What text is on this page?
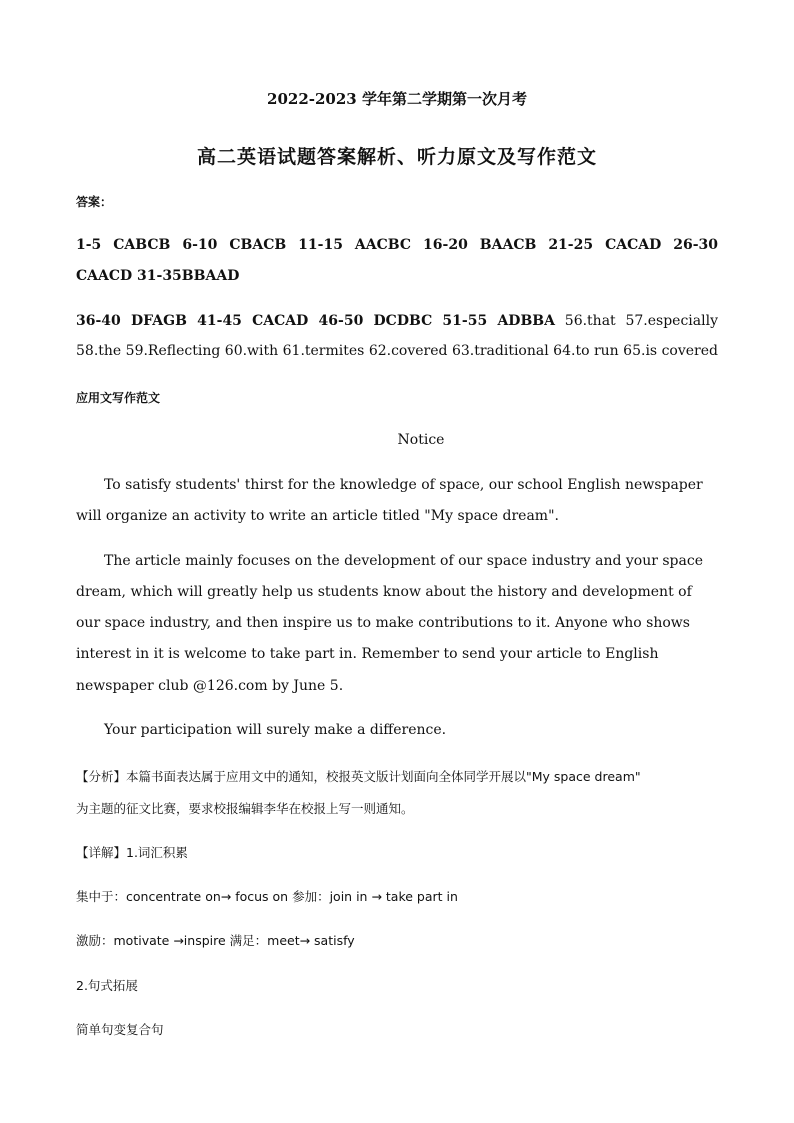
2022-2023 学年第二学期第一次月考
高二英语试题答案解析、听力原文及写作范文
答案：
1-5 CABCB 6-10 CBACB 11-15 AACBC 16-20 BAACB 21-25 CACAD 26-30
CAACD 31-35BBAAD
36-40 DFAGB 41-45 CACAD 46-50 DCDBC 51-55 ADBBA 56.that 57.especially
58.the 59.Reflecting 60.with 61.termites 62.covered 63.traditional 64.to run 65.is covered
应用文写作范文
Notice
To satisfy students' thirst for the knowledge of space, our school English newspaper
will organize an activity to write an article titled "My space dream".
The article mainly focuses on the development of our space industry and your space
dream, which will greatly help us students know about the history and development of
our space industry, and then inspire us to make contributions to it. Anyone who shows
interest in it is welcome to take part in. Remember to send your article to English
newspaper club @126.com by June 5.
Your participation will surely make a difference.
【分析】本篇书面表达属于应用文中的通知，校报英文版计划面向全体同学开展以"My space dream"
为主题的征文比赛，要求校报编辑李华在校报上写一则通知。
【详解】1.词汇积累
集中于：concentrate on→ focus on 参加：join in → take part in
激励：motivate →inspire 满足：meet→ satisfy
2.句式拓展
简单句变复合句
